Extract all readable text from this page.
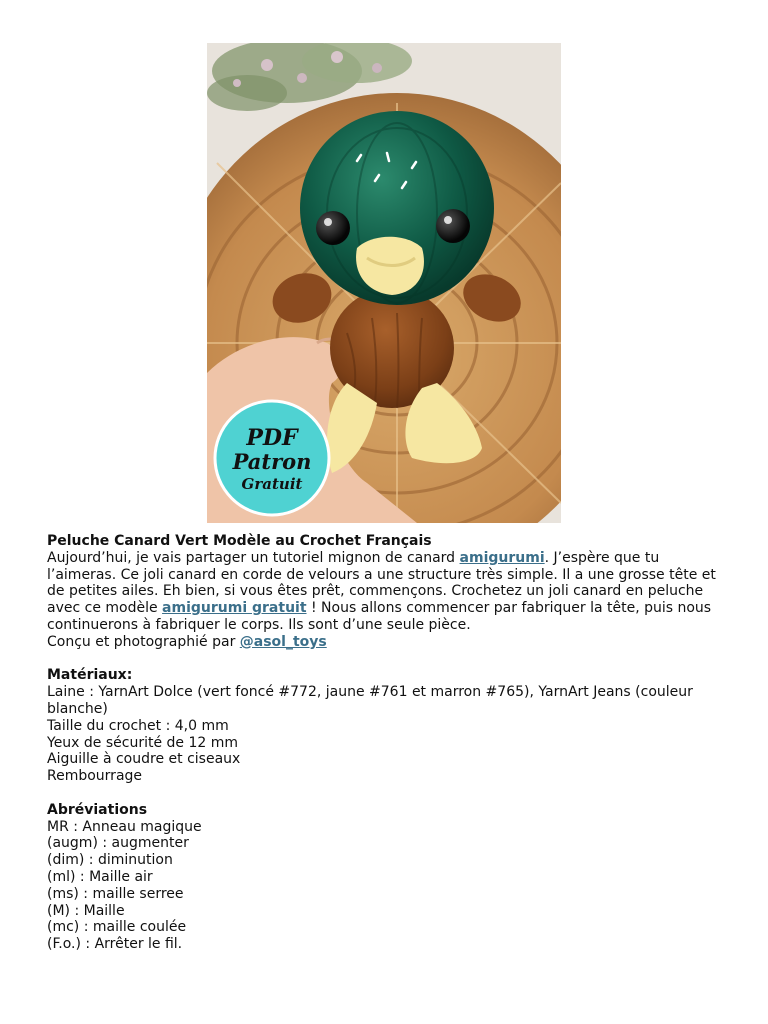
PDF
Patron
Gratuit
Peluche Canard Vert Modèle au Crochet Français

Aujourd’hui, je vais partager un tutoriel mignon de canard amigurumi. J’espère que tu l’aimeras. Ce joli canard en corde de velours a une structure très simple. Il a une grosse tête et de petites ailes. Eh bien, si vous êtes prêt, commençons. Crochetez un joli canard en peluche avec ce modèle amigurumi gratuit ! Nous allons commencer par fabriquer la tête, puis nous continuerons à fabriquer le corps. Ils sont d’une seule pièce.

Conçu et photographié par @asol_toys

Matériaux:
Laine : YarnArt Dolce (vert foncé #772, jaune #761 et marron #765), YarnArt Jeans (couleur blanche)
Taille du crochet : 4,0 mm
Yeux de sécurité de 12 mm
Aiguille à coudre et ciseaux
Rembourrage
Abréviations
MR : Anneau magique
(augm) : augmenter
(dim) : diminution
(ml) : Maille air
(ms) : maille serree
(M) : Maille
(mc) : maille coulée
(F.o.) : Arrêter le fil.
